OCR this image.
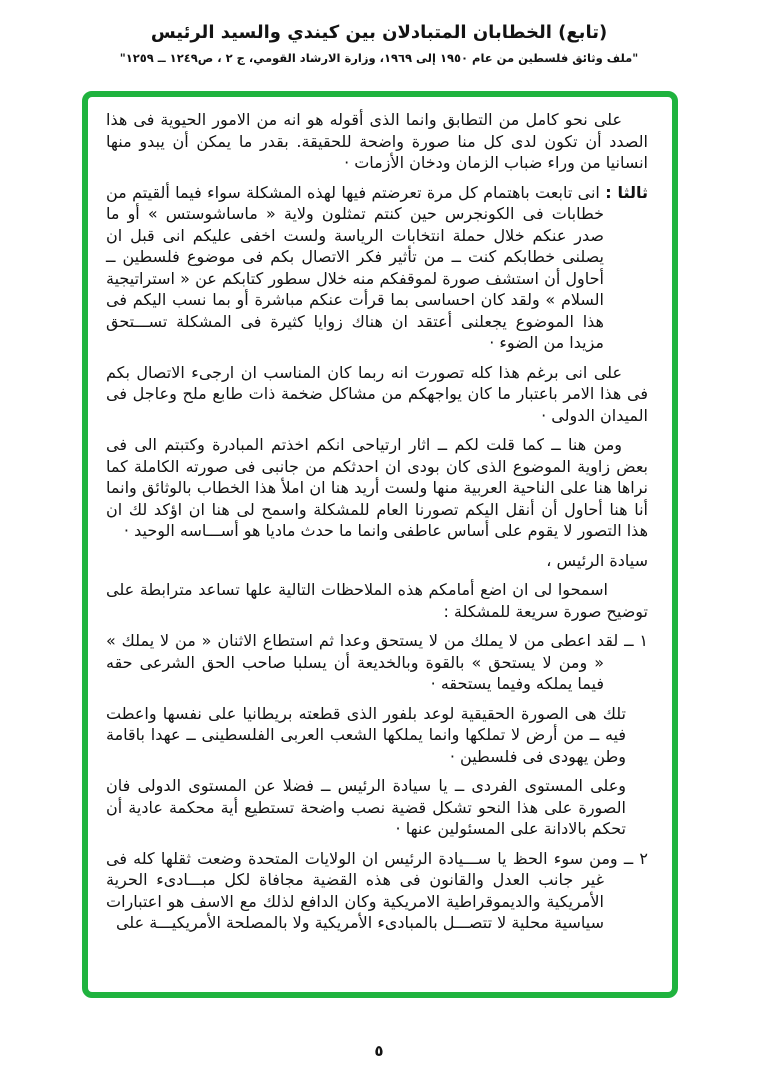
(تابع) الخطابان المتبادلان بين كيندي والسيد الرئيس
"ملف وثائق فلسطين من عام ١٩٥٠ إلى ١٩٦٩، وزارة الارشاد القومي، ج ٢ ، ص١٢٤٩ ــ ١٢٥٩"
على نحو كامل من التطابق وانما الذى أقوله هو انه من الامور الحيوية فى هذا الصدد أن تكون لدى كل منا صورة واضحة للحقيقة. بقدر ما يمكن أن يبدو منها انسانيا من وراء ضباب الزمان ودخان الأزمات ·
ثالثا : انى تابعت باهتمام كل مرة تعرضتم فيها لهذه المشكلة سواء فيما ألقيتم من خطابات فى الكونجرس حين كنتم تمثلون ولاية « ماساشوستس » أو ما صدر عنكم خلال حملة انتخابات الرياسة ولست اخفى عليكم انى قبل ان يصلنى خطابكم كنت ــ من تأثير فكر الاتصال بكم فى موضوع فلسطين ــ أحاول أن استشف صورة لموقفكم منه خلال سطور كتابكم عن « استراتيجية السلام » ولقد كان احساسى بما قرأت عنكم مباشرة أو بما نسب اليكم فى هذا الموضوع يجعلنى أعتقد ان هناك زوايا كثيرة فى المشكلة تســـتحق مزيدا من الضوء ·
على انى برغم هذا كله تصورت انه ربما كان المناسب ان ارجىء الاتصال بكم فى هذا الامر باعتبار ما كان يواجهكم من مشاكل ضخمة ذات طابع ملح وعاجل فى الميدان الدولى ·
ومن هنا ــ كما قلت لكم ــ اثار ارتياحى انكم اخذتم المبادرة وكتبتم الى فى بعض زاوية الموضوع الذى كان بودى ان احدثكم من جانبى فى صورته الكاملة كما نراها هنا على الناحية العربية منها ولست أريد هنا ان املأ هذا الخطاب بالوثائق وانما أنا هنا أحاول أن أنقل اليكم تصورنا العام للمشكلة واسمح لى هنا ان اؤكد لك ان هذا التصور لا يقوم على أساس عاطفى وانما ما حدث ماديا هو أســـاسه الوحيد ·
سيادة الرئيس ،
اسمحوا لى ان اضع أمامكم هذه الملاحظات التالية علها تساعد مترابطة على توضيح صورة سريعة للمشكلة :
١ ــ لقد اعطى من لا يملك من لا يستحق وعدا ثم استطاع الاثنان « من لا يملك » « ومن لا يستحق » بالقوة وبالخديعة أن يسلبا صاحب الحق الشرعى حقه فيما يملكه وفيما يستحقه ·
تلك هى الصورة الحقيقية لوعد بلفور الذى قطعته بريطانيا على نفسها واعطت فيه ــ من أرض لا تملكها وانما يملكها الشعب العربى الفلسطينى ــ عهدا باقامة وطن يهودى فى فلسطين ·
وعلى المستوى الفردى ــ يا سيادة الرئيس ــ فضلا عن المستوى الدولى فان الصورة على هذا النحو تشكل قضية نصب واضحة تستطيع أية محكمة عادية أن تحكم بالادانة على المسئولين عنها ·
٢ ــ ومن سوء الحظ يا ســـيادة الرئيس ان الولايات المتحدة وضعت ثقلها كله فى غير جانب العدل والقانون فى هذه القضية مجافاة لكل مبـــادىء الحرية الأمريكية والديموقراطية الامريكية وكان الدافع لذلك مع الاسف هو اعتبارات سياسية محلية لا تتصـــل بالمبادىء الأمريكية ولا بالمصلحة الأمريكيـــة على
٥
